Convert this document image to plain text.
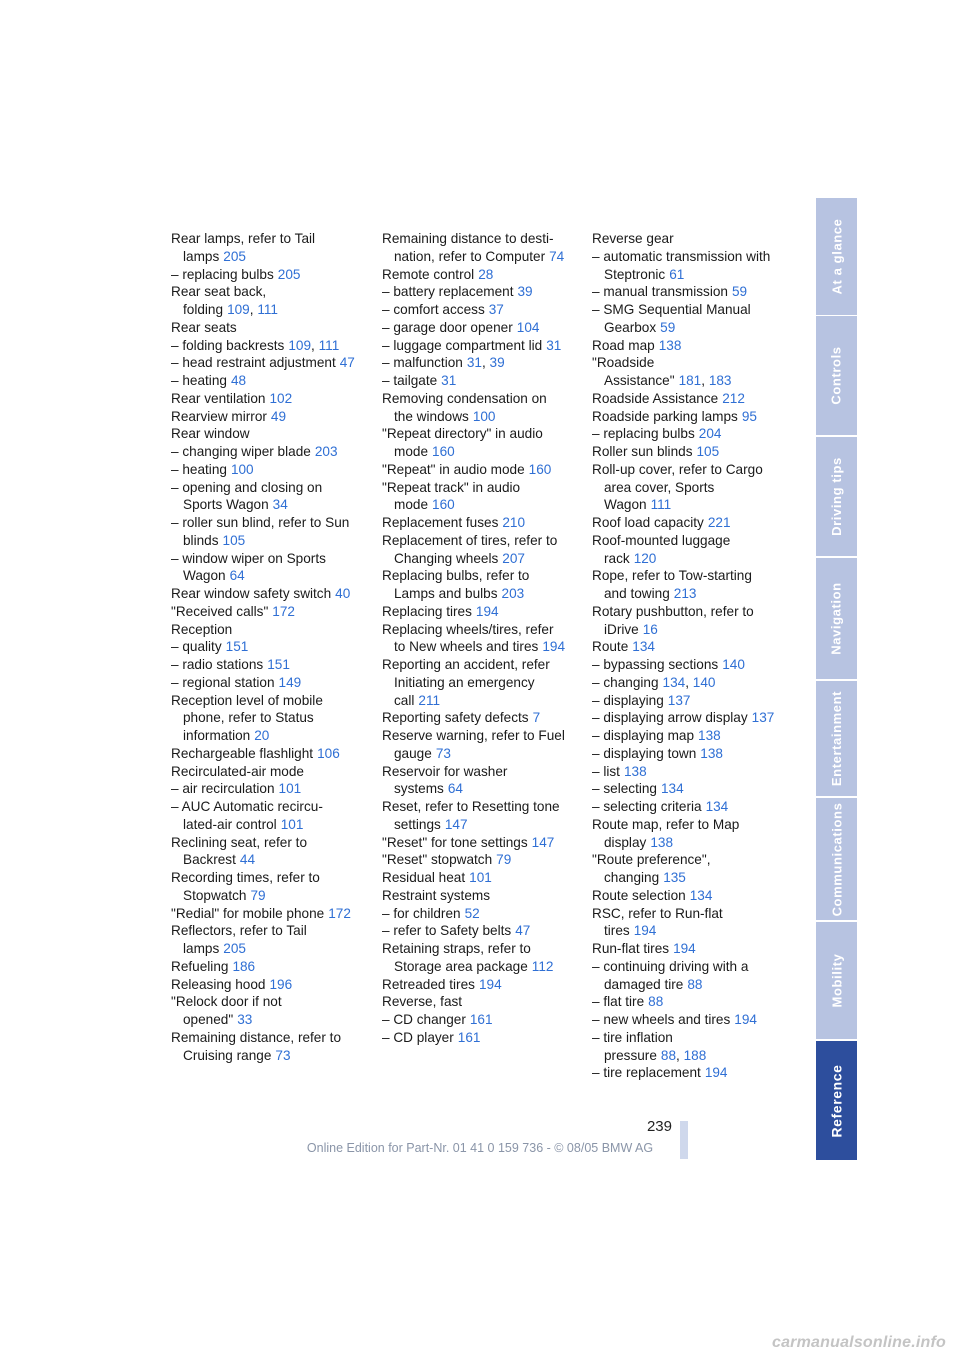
Rear lamps, refer to Tail
lamps 205
– replacing bulbs 205
Rear seat back,
folding 109, 111
Rear seats
– folding backrests 109, 111
– head restraint adjustment 47
– heating 48
Rear ventilation 102
Rearview mirror 49
Rear window
– changing wiper blade 203
– heating 100
– opening and closing on
Sports Wagon 34
– roller sun blind, refer to Sun
blinds 105
– window wiper on Sports
Wagon 64
Rear window safety switch 40
"Received calls" 172
Reception
– quality 151
– radio stations 151
– regional station 149
Reception level of mobile
phone, refer to Status
information 20
Rechargeable flashlight 106
Recirculated-air mode
– air recirculation 101
– AUC Automatic recircu-
lated-air control 101
Reclining seat, refer to
Backrest 44
Recording times, refer to
Stopwatch 79
"Redial" for mobile phone 172
Reflectors, refer to Tail
lamps 205
Refueling 186
Releasing hood 196
"Relock door if not
opened" 33
Remaining distance, refer to
Cruising range 73
Remaining distance to desti-
nation, refer to Computer 74
Remote control 28
– battery replacement 39
– comfort access 37
– garage door opener 104
– luggage compartment lid 31
– malfunction 31, 39
– tailgate 31
Removing condensation on
the windows 100
"Repeat directory" in audio
mode 160
"Repeat" in audio mode 160
"Repeat track" in audio
mode 160
Replacement fuses 210
Replacement of tires, refer to
Changing wheels 207
Replacing bulbs, refer to
Lamps and bulbs 203
Replacing tires 194
Replacing wheels/tires, refer
to New wheels and tires 194
Reporting an accident, refer
Initiating an emergency
call 211
Reporting safety defects 7
Reserve warning, refer to Fuel
gauge 73
Reservoir for washer
systems 64
Reset, refer to Resetting tone
settings 147
"Reset" for tone settings 147
"Reset" stopwatch 79
Residual heat 101
Restraint systems
– for children 52
– refer to Safety belts 47
Retaining straps, refer to
Storage area package 112
Retreaded tires 194
Reverse, fast
– CD changer 161
– CD player 161
Reverse gear
– automatic transmission with
Steptronic 61
– manual transmission 59
– SMG Sequential Manual
Gearbox 59
Road map 138
"Roadside
Assistance" 181, 183
Roadside Assistance 212
Roadside parking lamps 95
– replacing bulbs 204
Roller sun blinds 105
Roll-up cover, refer to Cargo
area cover, Sports
Wagon 111
Roof load capacity 221
Roof-mounted luggage
rack 120
Rope, refer to Tow-starting
and towing 213
Rotary pushbutton, refer to
iDrive 16
Route 134
– bypassing sections 140
– changing 134, 140
– displaying 137
– displaying arrow display 137
– displaying map 138
– displaying town 138
– list 138
– selecting 134
– selecting criteria 134
Route map, refer to Map
display 138
"Route preference",
changing 135
Route selection 134
RSC, refer to Run-flat
tires 194
Run-flat tires 194
– continuing driving with a
damaged tire 88
– flat tire 88
– new wheels and tires 194
– tire inflation
pressure 88, 188
– tire replacement 194
At a glance
Controls
Driving tips
Navigation
Entertainment
Communications
Mobility
Reference
239
Online Edition for Part-Nr. 01 41 0 159 736 - © 08/05 BMW AG
carmanualsonline.info
